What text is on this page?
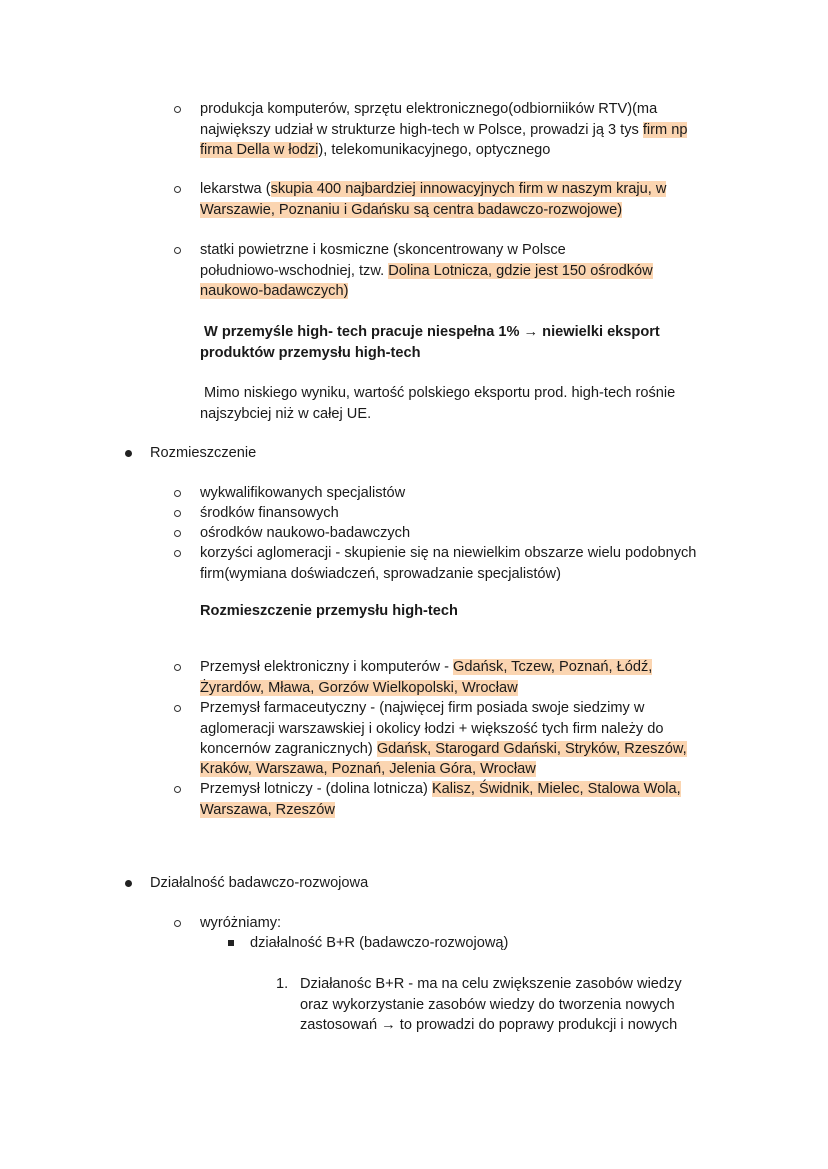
produkcja komputerów, sprzętu elektronicznego(odbiorniików RTV)(ma
największy udział w strukturze high-tech w Polsce, prowadzi ją 3 tys firm np
firma Della w łodzi), telekomunikacyjnego, optycznego
lekarstwa (skupia 400 najbardziej innowacyjnych firm w naszym kraju, w
Warszawie, Poznaniu i Gdańsku są centra badawczo-rozwojowe)
statki powietrzne i kosmiczne (skoncentrowany w Polsce
południowo-wschodniej, tzw. Dolina Lotnicza, gdzie jest 150 ośrodków
naukowo-badawczych)
W przemyśle high- tech pracuje niespełna 1% → niewielki eksport
produktów przemysłu high-tech
Mimo niskiego wyniku, wartość polskiego eksportu prod. high-tech rośnie
najszybciej niż w całej UE.
Rozmieszczenie
wykwalifikowanych specjalistów
środków finansowych
ośrodków naukowo-badawczych
korzyści aglomeracji - skupienie się na niewielkim obszarze wielu podobnych
firm(wymiana doświadczeń, sprowadzanie specjalistów)
Rozmieszczenie przemysłu high-tech
Przemysł elektroniczny i komputerów - Gdańsk, Tczew, Poznań, Łódź,
Żyrardów, Mława, Gorzów Wielkopolski, Wrocław
Przemysł farmaceutyczny - (najwięcej firm posiada swoje siedzimy w
aglomeracji warszawskiej i okolicy łodzi + większość tych firm należy do
koncernów zagranicznych) Gdańsk, Starogard Gdański, Stryków, Rzeszów,
Kraków, Warszawa, Poznań, Jelenia Góra, Wrocław
Przemysł lotniczy - (dolina lotnicza) Kalisz, Świdnik, Mielec, Stalowa Wola,
Warszawa, Rzeszów
Działalność badawczo-rozwojowa
wyróżniamy:
działalność B+R (badawczo-rozwojową)
1. Działanośc B+R - ma na celu zwiększenie zasobów wiedzy
oraz wykorzystanie zasobów wiedzy do tworzenia nowych
zastosowań → to prowadzi do poprawy produkcji i nowych
